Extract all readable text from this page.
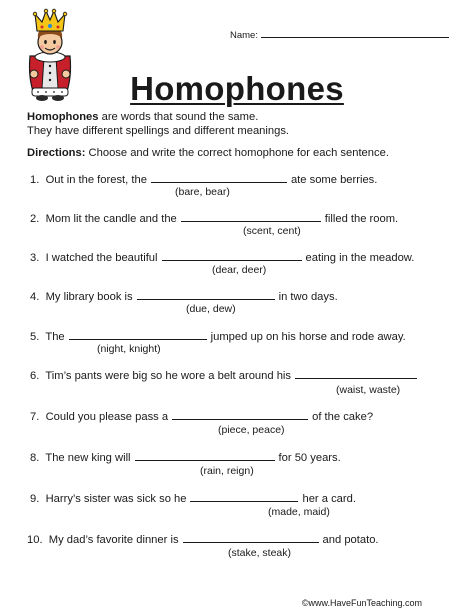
Name:
Homophones
Homophones are words that sound the same.
They have different spellings and different meanings.
Directions: Choose and write the correct homophone for each sentence.
1. Out in the forest, the	ate some berries.
(bare, bear)
2. Mom lit the candle and the	filled the room.
(scent, cent)
3. I watched the beautiful	eating in the meadow.
(dear, deer)
4. My library book is	in two days.
(due, dew)
5. The	jumped up on his horse and rode away.
(night, knight)
6. Tim’s pants were big so he wore a belt around his
(waist, waste)
7. Could you please pass a	of the cake?
(piece, peace)
8. The new king will	for 50 years.
(rain, reign)
9. Harry’s sister was sick so he	her a card.
(made, maid)
10. My dad’s favorite dinner is	and potato.
(stake, steak)
©www.HaveFunTeaching.com
